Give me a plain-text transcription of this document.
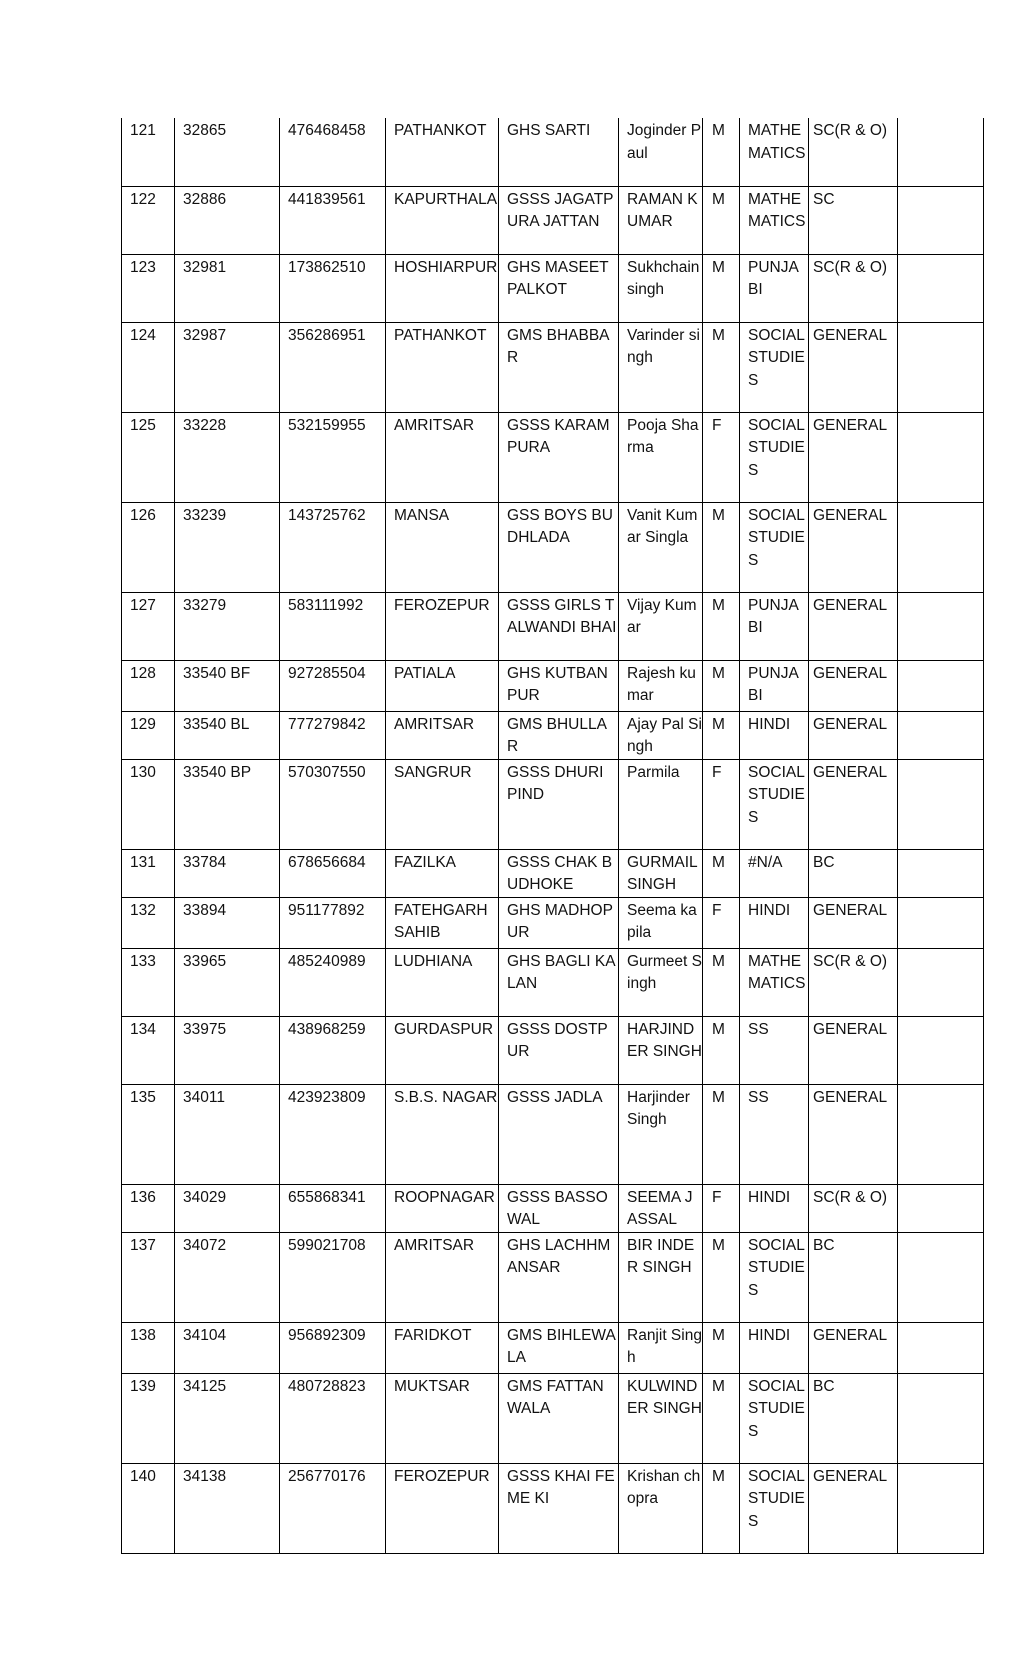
121	32865	476468458	PATHANKOT	GHS SARTI	Joginder Paul	M	MATHEMATICS	SC(R & O)	
122	32886	441839561	KAPURTHALA	GSSS JAGATPURA JATTAN	RAMAN KUMAR	M	MATHEMATICS	SC	
123	32981	173862510	HOSHIARPUR	GHS MASEETPALKOT	Sukhchain singh	M	PUNJABI	SC(R & O)	
124	32987	356286951	PATHANKOT	GMS BHABBAR	Varinder singh	M	SOCIAL STUDIES	GENERAL	
125	33228	532159955	AMRITSAR	GSSS KARAMPURA	Pooja Sharma	F	SOCIAL STUDIES	GENERAL	
126	33239	143725762	MANSA	GSS BOYS BUDHLADA	Vanit Kumar Singla	M	SOCIAL STUDIES	GENERAL	
127	33279	583111992	FEROZEPUR	GSSS GIRLS TALWANDI BHAI	Vijay Kumar	M	PUNJABI	GENERAL	
128	33540 BF	927285504	PATIALA	GHS KUTBANPUR	Rajesh kumar	M	PUNJABI	GENERAL	
129	33540 BL	777279842	AMRITSAR	GMS BHULLAR	Ajay Pal Singh	M	HINDI	GENERAL	
130	33540 BP	570307550	SANGRUR	GSSS DHURI PIND	Parmila	F	SOCIAL STUDIES	GENERAL	
131	33784	678656684	FAZILKA	GSSS CHAK BUDHOKE	GURMAIL SINGH	M	#N/A	BC	
132	33894	951177892	FATEHGARH SAHIB	GHS MADHOPUR	Seema kapila	F	HINDI	GENERAL	
133	33965	485240989	LUDHIANA	GHS BAGLI KALAN	Gurmeet Singh	M	MATHEMATICS	SC(R & O)	
134	33975	438968259	GURDASPUR	GSSS DOSTPUR	HARJINDER SINGH	M	SS	GENERAL	
135	34011	423923809	S.B.S. NAGAR	GSSS JADLA	Harjinder Singh	M	SS	GENERAL	
136	34029	655868341	ROOPNAGAR	GSSS BASSOWAL	SEEMA JASSAL	F	HINDI	SC(R & O)	
137	34072	599021708	AMRITSAR	GHS LACHHMANSAR	BIR INDER SINGH	M	SOCIAL STUDIES	BC	
138	34104	956892309	FARIDKOT	GMS BIHLEWALA	Ranjit Singh	M	HINDI	GENERAL	
139	34125	480728823	MUKTSAR	GMS FATTANWALA	KULWINDER SINGH	M	SOCIAL STUDIES	BC	
140	34138	256770176	FEROZEPUR	GSSS KHAI FEME KI	Krishan chopra	M	SOCIAL STUDIES	GENERAL	
